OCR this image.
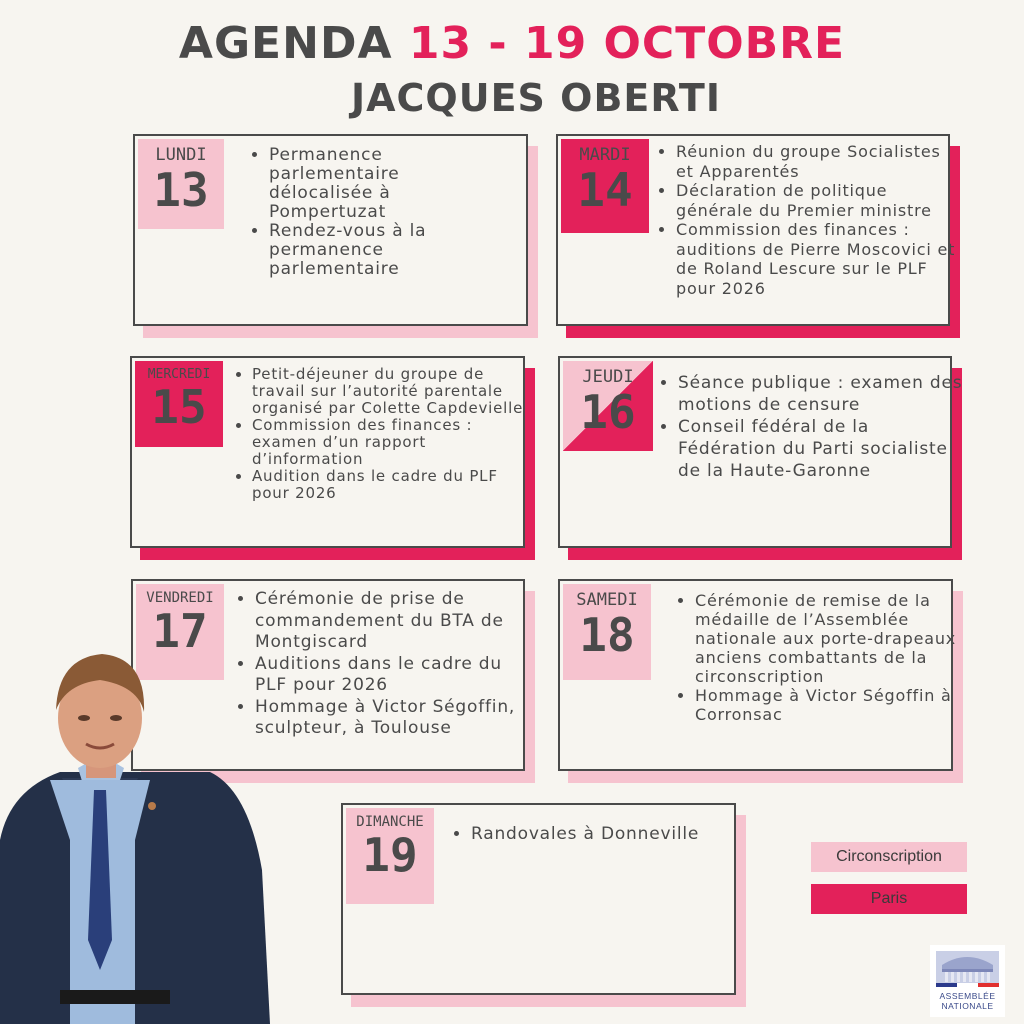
AGENDA 13 - 19 OCTOBRE
JACQUES OBERTI
LUNDI
13
• Permanence parlementaire délocalisée à Pompertuzat
• Rendez-vous à la permanence parlementaire
MARDI
14
• Réunion du groupe Socialistes et Apparentés
• Déclaration de politique générale du Premier ministre
• Commission des finances : auditions de Pierre Moscovici et de Roland Lescure sur le PLF pour 2026
MERCREDI
15
• Petit-déjeuner du groupe de travail sur l’autorité parentale organisé par Colette Capdevielle
• Commission des finances : examen d’un rapport d’information
• Audition dans le cadre du PLF pour 2026
JEUDI
16
• Séance publique : examen des motions de censure
• Conseil fédéral de la Fédération du Parti socialiste de la Haute-Garonne
VENDREDI
17
• Cérémonie de prise de commandement du BTA de Montgiscard
• Auditions dans le cadre du PLF pour 2026
• Hommage à Victor Ségoffin, sculpteur, à Toulouse
SAMEDI
18
• Cérémonie de remise de la médaille de l’Assemblée nationale aux porte-drapeaux anciens combattants de la circonscription
• Hommage à Victor Ségoffin à Corronsac
DIMANCHE
19
•	Randovales à Donneville
Circonscription
Paris
ASSEMBLÉE
NATIONALE
